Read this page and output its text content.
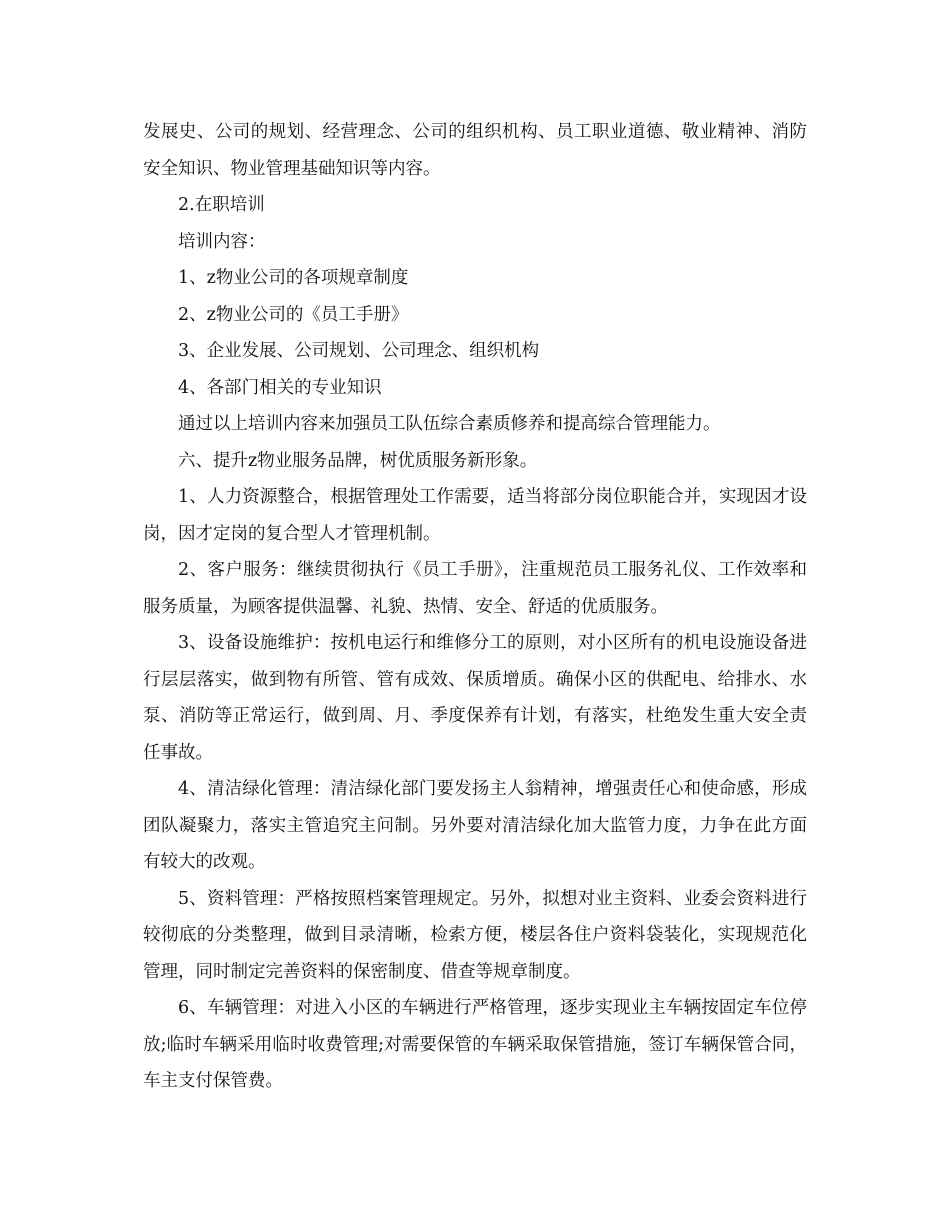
发展史、公司的规划、经营理念、公司的组织机构、员工职业道德、敬业精神、消防安全知识、物业管理基础知识等内容。

2.在职培训

培训内容：

1、z物业公司的各项规章制度

2、z物业公司的《员工手册》

3、企业发展、公司规划、公司理念、组织机构

4、各部门相关的专业知识

通过以上培训内容来加强员工队伍综合素质修养和提高综合管理能力。

六、提升z物业服务品牌，树优质服务新形象。

1、人力资源整合，根据管理处工作需要，适当将部分岗位职能合并，实现因才设岗，因才定岗的复合型人才管理机制。

2、客户服务：继续贯彻执行《员工手册》，注重规范员工服务礼仪、工作效率和服务质量，为顾客提供温馨、礼貌、热情、安全、舒适的优质服务。

3、设备设施维护：按机电运行和维修分工的原则，对小区所有的机电设施设备进行层层落实，做到物有所管、管有成效、保质增质。确保小区的供配电、给排水、水泵、消防等正常运行，做到周、月、季度保养有计划，有落实，杜绝发生重大安全责任事故。

4、清洁绿化管理：清洁绿化部门要发扬主人翁精神，增强责任心和使命感，形成团队凝聚力，落实主管追究主问制。另外要对清洁绿化加大监管力度，力争在此方面有较大的改观。

5、资料管理：严格按照档案管理规定。另外，拟想对业主资料、业委会资料进行较彻底的分类整理，做到目录清晰，检索方便，楼层各住户资料袋装化，实现规范化管理，同时制定完善资料的保密制度、借查等规章制度。

6、车辆管理：对进入小区的车辆进行严格管理，逐步实现业主车辆按固定车位停放;临时车辆采用临时收费管理;对需要保管的车辆采取保管措施，签订车辆保管合同，车主支付保管费。
